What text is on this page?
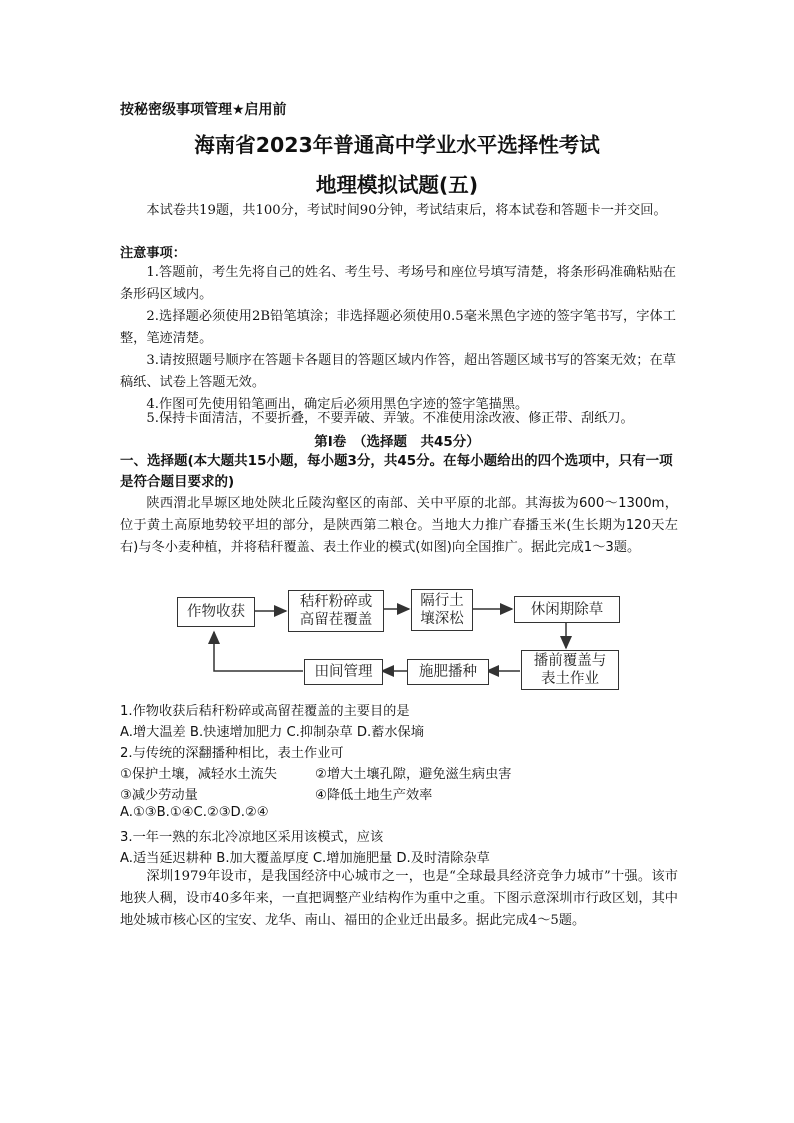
按秘密级事项管理★启用前
海南省2023年普通高中学业水平选择性考试
地理模拟试题(五)
本试卷共19题，共100分，考试时间90分钟，考试结束后，将本试卷和答题卡一并交回。
注意事项：
1.答题前，考生先将自己的姓名、考生号、考场号和座位号填写清楚，将条形码准确粘贴在条形码区域内。
2.选择题必须使用2B铅笔填涂；非选择题必须使用0.5毫米黑色字迹的签字笔书写，字体工整，笔迹清楚。
3.请按照题号顺序在答题卡各题目的答题区域内作答，超出答题区域书写的答案无效；在草稿纸、试卷上答题无效。
4.作图可先使用铅笔画出，确定后必须用黑色字迹的签字笔描黑。
5.保持卡面清洁，不要折叠，不要弄破、弄皱。不准使用涂改液、修正带、刮纸刀。
第Ⅰ卷　（选择题　共45分）
一、选择题(本大题共15小题，每小题3分，共45分。在每小题给出的四个选项中，只有一项是符合题目要求的)
陕西渭北旱塬区地处陕北丘陵沟壑区的南部、关中平原的北部。其海拔为600～1300m，位于黄土高原地势较平坦的部分，是陕西第二粮仓。当地大力推广春播玉米(生长期为120天左右)与冬小麦种植，并将秸秆覆盖、表土作业的模式(如图)向全国推广。据此完成1～3题。
作物收获
秸秆粉碎或
高留茬覆盖
隔行土
壤深松
休闲期除草
播前覆盖与
表土作业
施肥播种
田间管理
1.作物收获后秸秆粉碎或高留茬覆盖的主要目的是
A.增大温差 B.快速增加肥力 C.抑制杂草 D.蓄水保墒
2.与传统的深翻播种相比，表土作业可
①保护土壤，减轻水土流失	②增大土壤孔隙，避免滋生病虫害
③减少劳动量	④降低土地生产效率
A.①③B.①④C.②③D.②④
3.一年一熟的东北冷凉地区采用该模式，应该
A.适当延迟耕种 B.加大覆盖厚度 C.增加施肥量 D.及时清除杂草
深圳1979年设市，是我国经济中心城市之一，也是“全球最具经济竞争力城市”十强。该市地狭人稠，设市40多年来，一直把调整产业结构作为重中之重。下图示意深圳市行政区划，其中地处城市核心区的宝安、龙华、南山、福田的企业迁出最多。据此完成4～5题。
